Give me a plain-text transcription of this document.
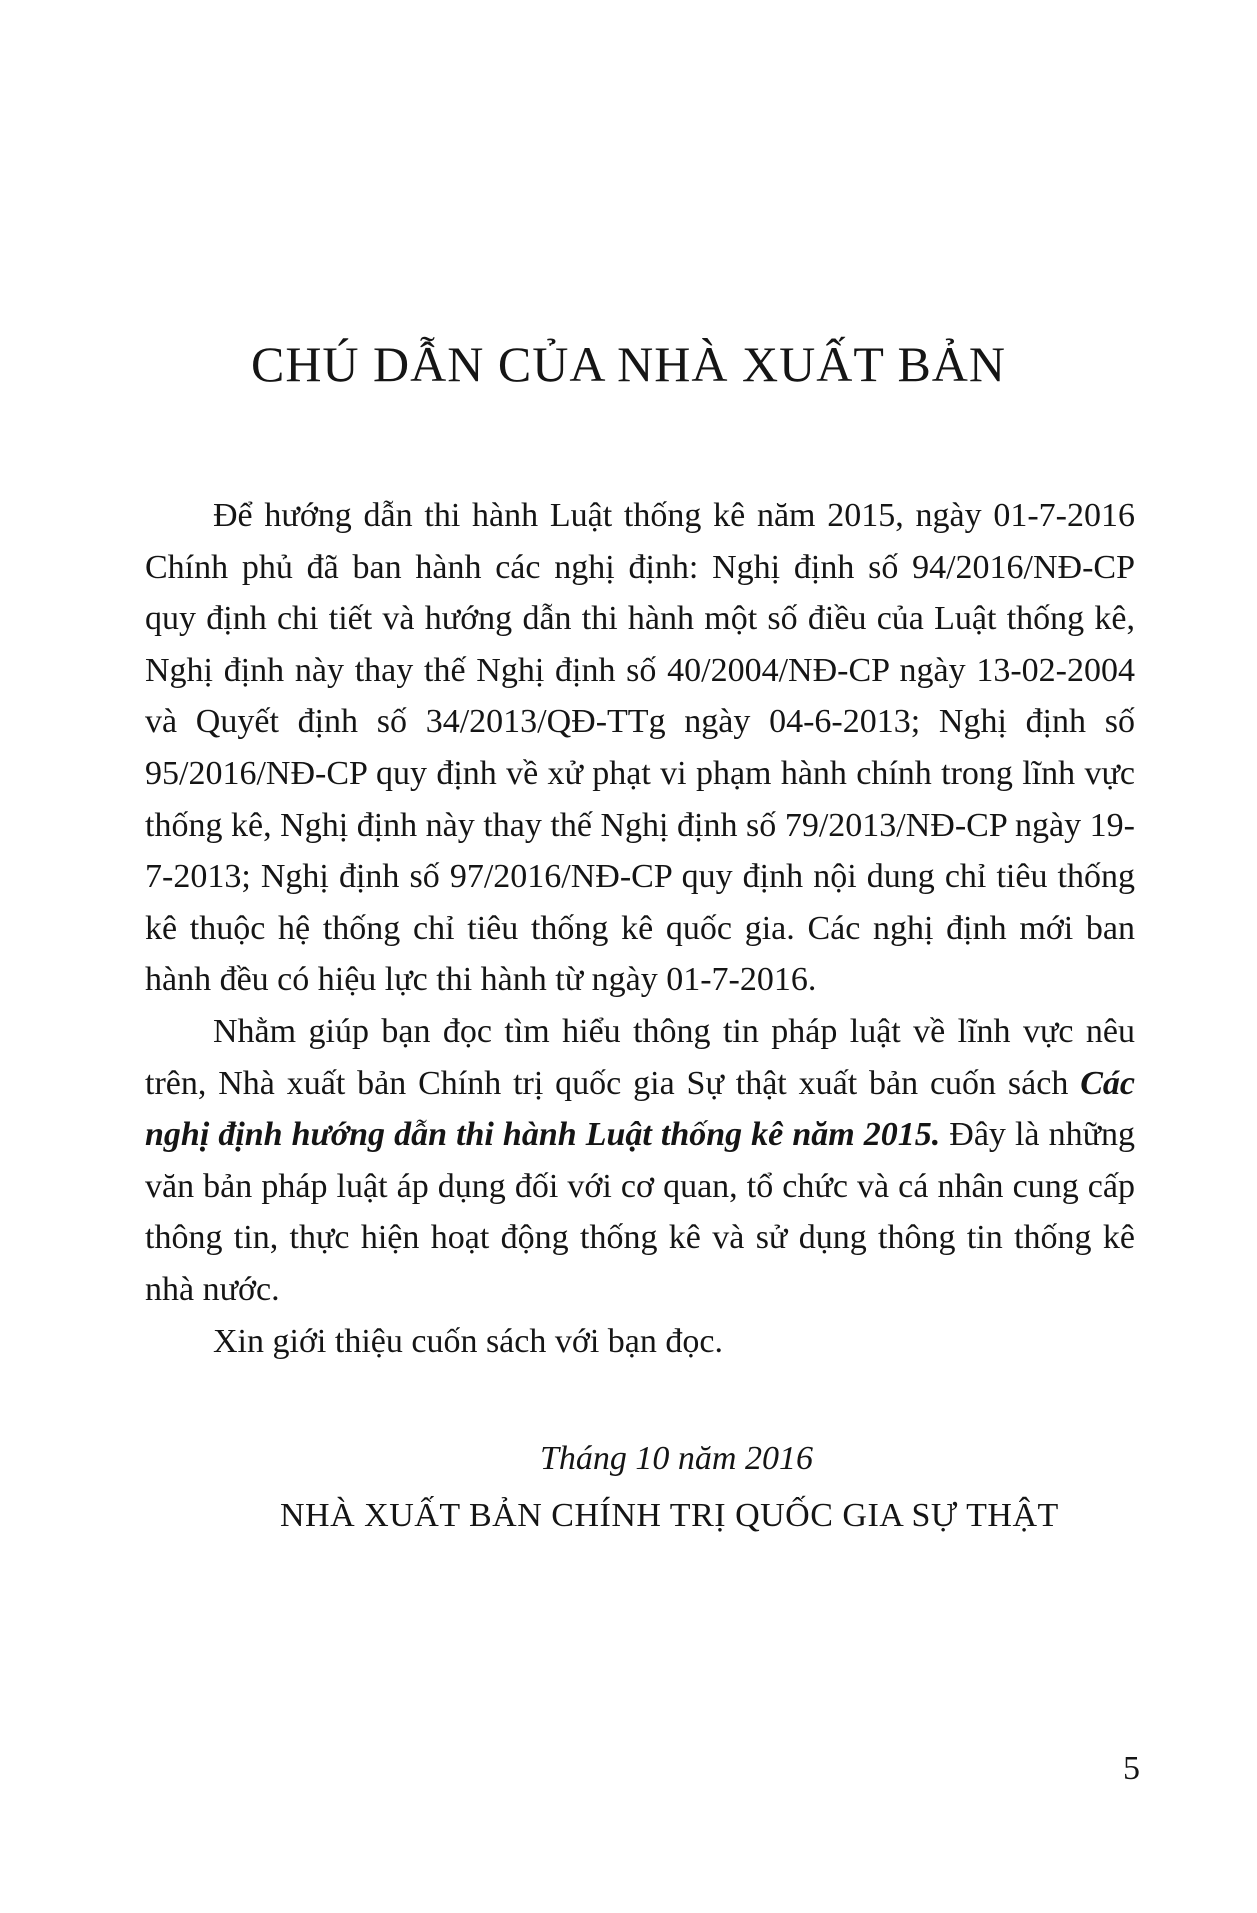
CHÚ DẪN CỦA NHÀ XUẤT BẢN

Để hướng dẫn thi hành Luật thống kê năm 2015, ngày 01-7-2016 Chính phủ đã ban hành các nghị định: Nghị định số 94/2016/NĐ-CP quy định chi tiết và hướng dẫn thi hành một số điều của Luật thống kê, Nghị định này thay thế Nghị định số 40/2004/NĐ-CP ngày 13-02-2004 và Quyết định số 34/2013/QĐ-TTg ngày 04-6-2013; Nghị định số 95/2016/NĐ-CP quy định về xử phạt vi phạm hành chính trong lĩnh vực thống kê, Nghị định này thay thế Nghị định số 79/2013/NĐ-CP ngày 19-7-2013; Nghị định số 97/2016/NĐ-CP quy định nội dung chỉ tiêu thống kê thuộc hệ thống chỉ tiêu thống kê quốc gia. Các nghị định mới ban hành đều có hiệu lực thi hành từ ngày 01-7-2016.

Nhằm giúp bạn đọc tìm hiểu thông tin pháp luật về lĩnh vực nêu trên, Nhà xuất bản Chính trị quốc gia Sự thật xuất bản cuốn sách Các nghị định hướng dẫn thi hành Luật thống kê năm 2015. Đây là những văn bản pháp luật áp dụng đối với cơ quan, tổ chức và cá nhân cung cấp thông tin, thực hiện hoạt động thống kê và sử dụng thông tin thống kê nhà nước.

Xin giới thiệu cuốn sách với bạn đọc.

Tháng 10 năm 2016
NHÀ XUẤT BẢN CHÍNH TRỊ QUỐC GIA SỰ THẬT
5
